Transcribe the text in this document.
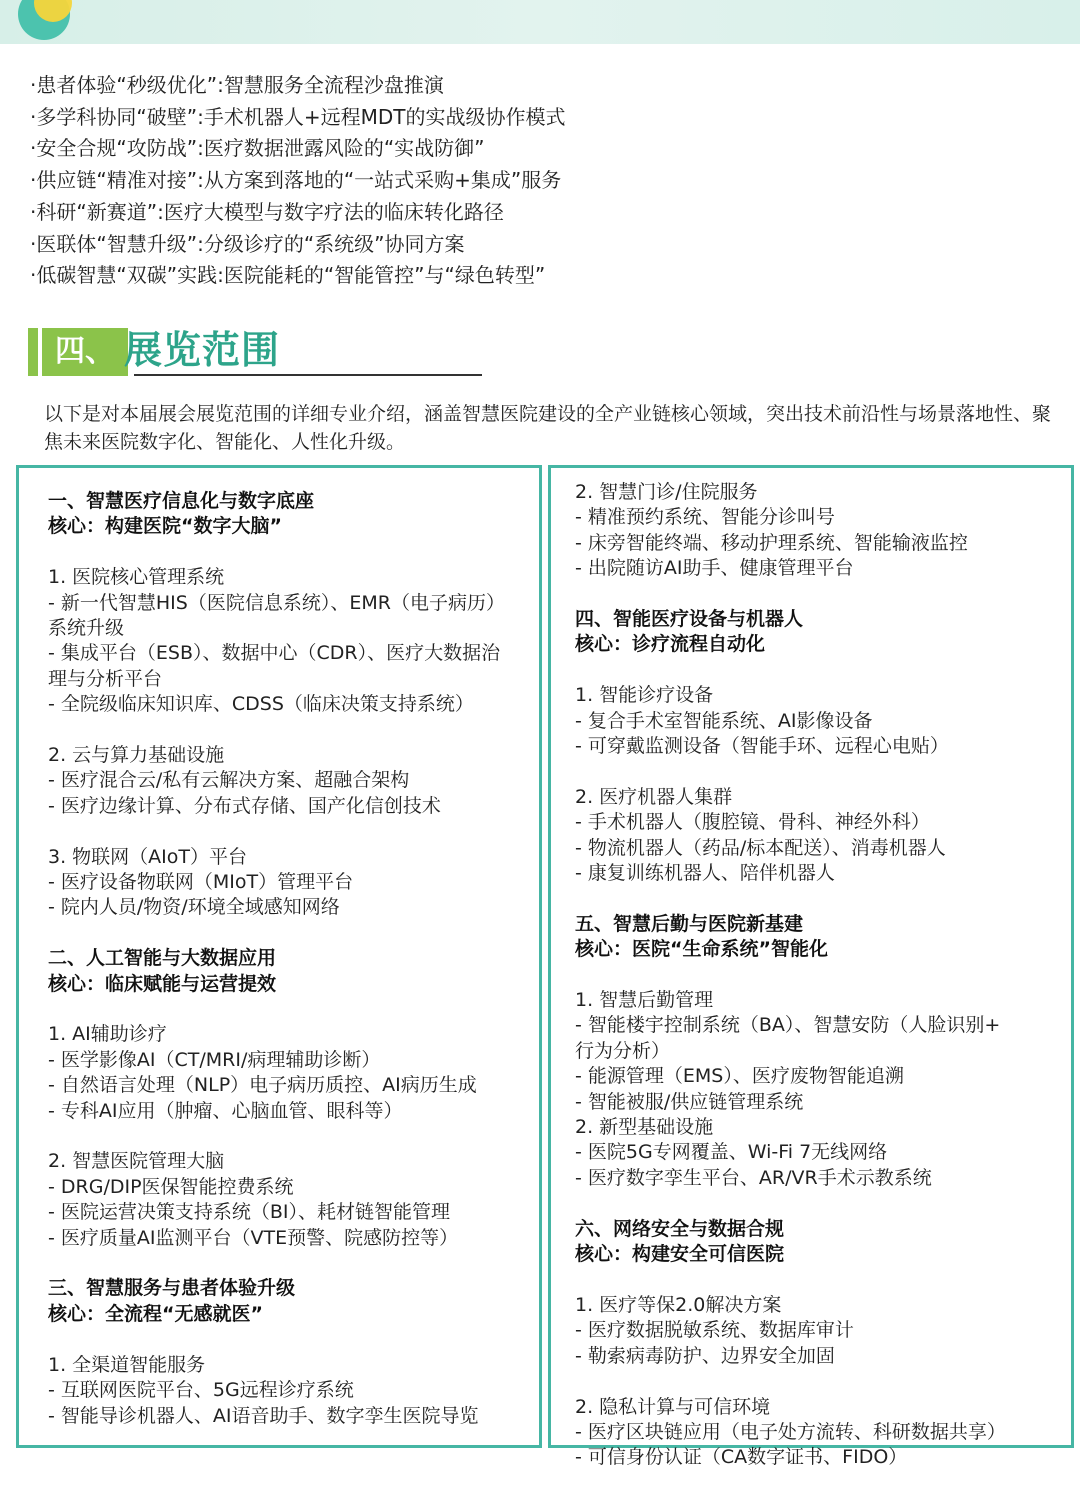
·患者体验“秒级优化”:智慧服务全流程沙盘推演
·多学科协同“破壁”:手术机器人+远程MDT的实战级协作模式
·安全合规“攻防战”:医疗数据泄露风险的“实战防御”
·供应链“精准对接”:从方案到落地的“一站式采购+集成”服务
·科研“新赛道”:医疗大模型与数字疗法的临床转化路径
·医联体“智慧升级”:分级诊疗的“系统级”协同方案
·低碳智慧“双碳”实践:医院能耗的“智能管控”与“绿色转型”
四、 展览范围
以下是对本届展会展览范围的详细专业介绍，涵盖智慧医院建设的全产业链核心领域，突出技术前沿性与场景落地性、聚焦未来医院数字化、智能化、人性化升级。
一、智慧医疗信息化与数字底座
核心：构建医院“数字大脑”
1. 医院核心管理系统
- 新一代智慧HIS（医院信息系统）、EMR（电子病历）
系统升级
- 集成平台（ESB）、数据中心（CDR）、医疗大数据治
理与分析平台
- 全院级临床知识库、CDSS（临床决策支持系统）
2. 云与算力基础设施
- 医疗混合云/私有云解决方案、超融合架构
- 医疗边缘计算、分布式存储、国产化信创技术
3. 物联网（AIoT）平台
- 医疗设备物联网（MIoT）管理平台
- 院内人员/物资/环境全域感知网络
二、人工智能与大数据应用
核心：临床赋能与运营提效
1. AI辅助诊疗
- 医学影像AI（CT/MRI/病理辅助诊断）
- 自然语言处理（NLP）电子病历质控、AI病历生成
- 专科AI应用（肿瘤、心脑血管、眼科等）
2. 智慧医院管理大脑
- DRG/DIP医保智能控费系统
- 医院运营决策支持系统（BI）、耗材链智能管理
- 医疗质量AI监测平台（VTE预警、院感防控等）
三、智慧服务与患者体验升级
核心：全流程“无感就医”
1. 全渠道智能服务
- 互联网医院平台、5G远程诊疗系统
- 智能导诊机器人、AI语音助手、数字孪生医院导览
2. 智慧门诊/住院服务
- 精准预约系统、智能分诊叫号
- 床旁智能终端、移动护理系统、智能输液监控
- 出院随访AI助手、健康管理平台
四、智能医疗设备与机器人
核心：诊疗流程自动化
1. 智能诊疗设备
- 复合手术室智能系统、AI影像设备
- 可穿戴监测设备（智能手环、远程心电贴）
2. 医疗机器人集群
- 手术机器人（腹腔镜、骨科、神经外科）
- 物流机器人（药品/标本配送）、消毒机器人
- 康复训练机器人、陪伴机器人
五、智慧后勤与医院新基建
核心：医院“生命系统”智能化
1. 智慧后勤管理
- 智能楼宇控制系统（BA）、智慧安防（人脸识别+
行为分析）
- 能源管理（EMS）、医疗废物智能追溯
- 智能被服/供应链管理系统
2. 新型基础设施
- 医院5G专网覆盖、Wi-Fi 7无线网络
- 医疗数字孪生平台、AR/VR手术示教系统
六、网络安全与数据合规
核心：构建安全可信医院
1. 医疗等保2.0解决方案
- 医疗数据脱敏系统、数据库审计
- 勒索病毒防护、边界安全加固
2. 隐私计算与可信环境
- 医疗区块链应用（电子处方流转、科研数据共享）
- 可信身份认证（CA数字证书、FIDO）
